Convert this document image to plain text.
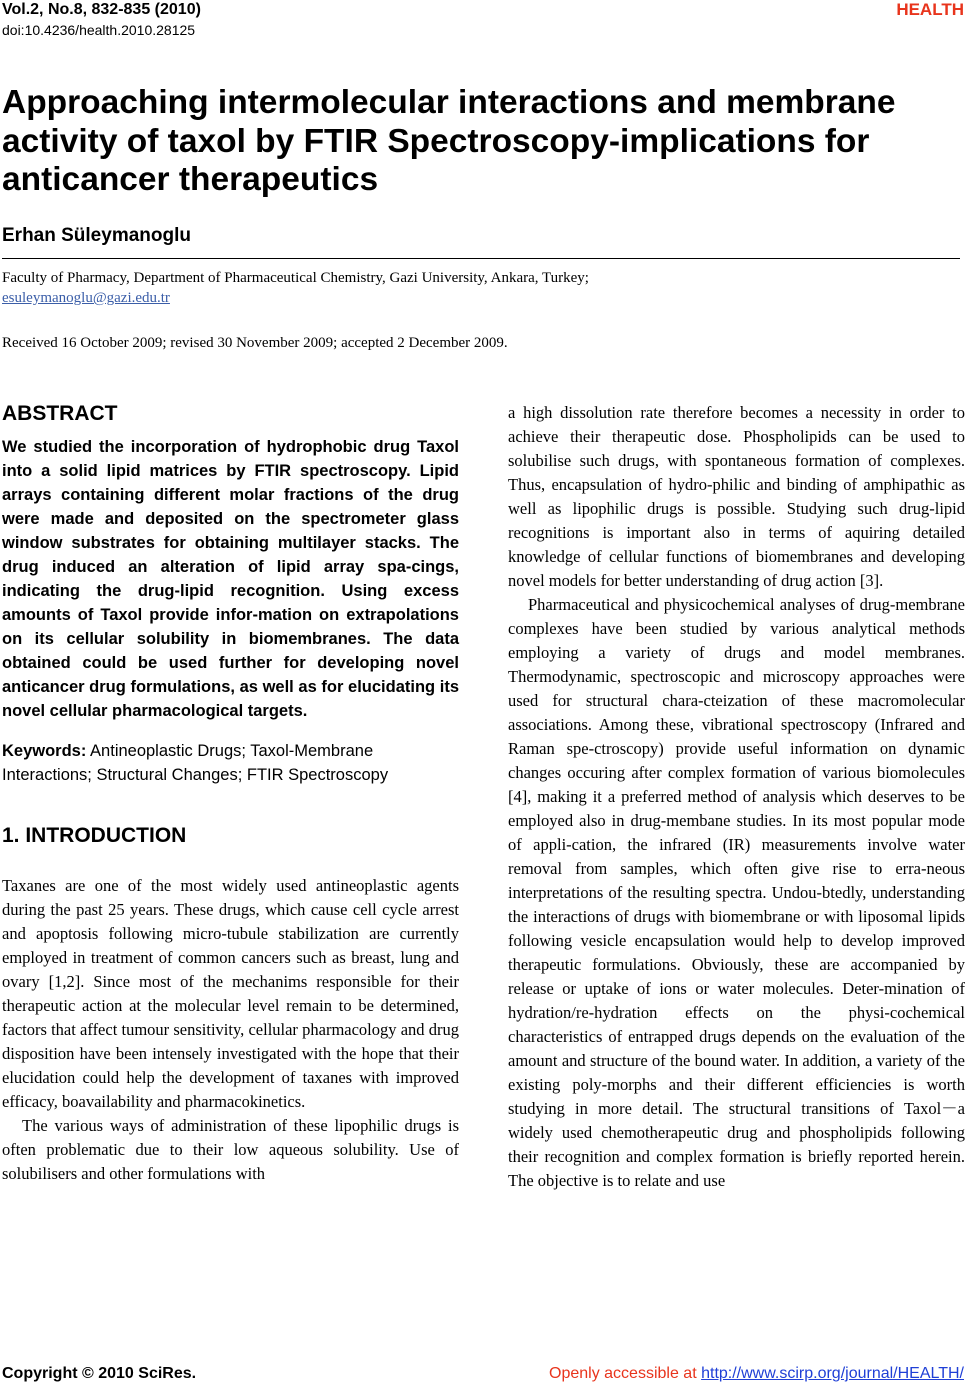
Vol.2, No.8, 832-835 (2010)
doi:10.4236/health.2010.28125
HEALTH
Approaching intermolecular interactions and membrane activity of taxol by FTIR Spectroscopy-implications for anticancer therapeutics
Erhan Süleymanoglu
Faculty of Pharmacy, Department of Pharmaceutical Chemistry, Gazi University, Ankara, Turkey;
esuleymanoglu@gazi.edu.tr
Received 16 October 2009; revised 30 November 2009; accepted 2 December 2009.
ABSTRACT

We studied the incorporation of hydrophobic drug Taxol into a solid lipid matrices by FTIR spectroscopy. Lipid arrays containing different molar fractions of the drug were made and deposited on the spectrometer glass window substrates for obtaining multilayer stacks. The drug induced an alteration of lipid array spa-cings, indicating the drug-lipid recognition. Using excess amounts of Taxol provide infor-mation on extrapolations on its cellular solubility in biomembranes. The data obtained could be used further for developing novel anticancer drug formulations, as well as for elucidating its novel cellular pharmacological targets.

Keywords: Antineoplastic Drugs; Taxol-Membrane Interactions; Structural Changes; FTIR Spectroscopy

1. INTRODUCTION

Taxanes are one of the most widely used antineoplastic agents during the past 25 years. These drugs, which cause cell cycle arrest and apoptosis following micro-tubule stabilization are currently employed in treatment of common cancers such as breast, lung and ovary [1,2]. Since most of the mechanims responsible for their therapeutic action at the molecular level remain to be determined, factors that affect tumour sensitivity, cellular pharmacology and drug disposition have been intensely investigated with the hope that their elucidation could help the development of taxanes with improved efficacy, boavailability and pharmacokinetics.

The various ways of administration of these lipophilic drugs is often problematic due to their low aqueous solubility. Use of solubilisers and other formulations with

a high dissolution rate therefore becomes a necessity in order to achieve their therapeutic dose. Phospholipids can be used to solubilise such drugs, with spontaneous formation of complexes. Thus, encapsulation of hydro-philic and binding of amphipathic as well as lipophilic drugs is possible. Studying such drug-lipid recognitions is important also in terms of aquiring detailed knowledge of cellular functions of biomembranes and developing novel models for better understanding of drug action [3].

Pharmaceutical and physicochemical analyses of drug-membrane complexes have been studied by various analytical methods employing a variety of drugs and model membranes. Thermodynamic, spectroscopic and microscopy approaches were used for structural chara-cteization of these macromolecular associations. Among these, vibrational spectroscopy (Infrared and Raman spe-ctroscopy) provide useful information on dynamic changes occuring after complex formation of various biomolecules [4], making it a preferred method of analysis which deserves to be employed also in drug-membane studies. In its most popular mode of appli-cation, the infrared (IR) measurements involve water removal from samples, which often give rise to erra-neous interpretations of the resulting spectra. Undou-btedly, understanding the interactions of drugs with biomembrane or with liposomal lipids following vesicle encapsulation would help to develop improved therapeutic formulations. Obviously, these are accompanied by release or uptake of ions or water molecules. Deter-mination of hydration/re-hydration effects on the physi-cochemical characteristics of entrapped drugs depends on the evaluation of the amount and structure of the bound water. In addition, a variety of the existing poly-morphs and their different efficiencies is worth studying in more detail. The structural transitions of Taxol－a widely used chemotherapeutic drug and phospholipids following their recognition and complex formation is briefly reported herein. The objective is to relate and use

Copyright © 2010 SciRes.	Openly accessible at http://www.scirp.org/journal/HEALTH/
